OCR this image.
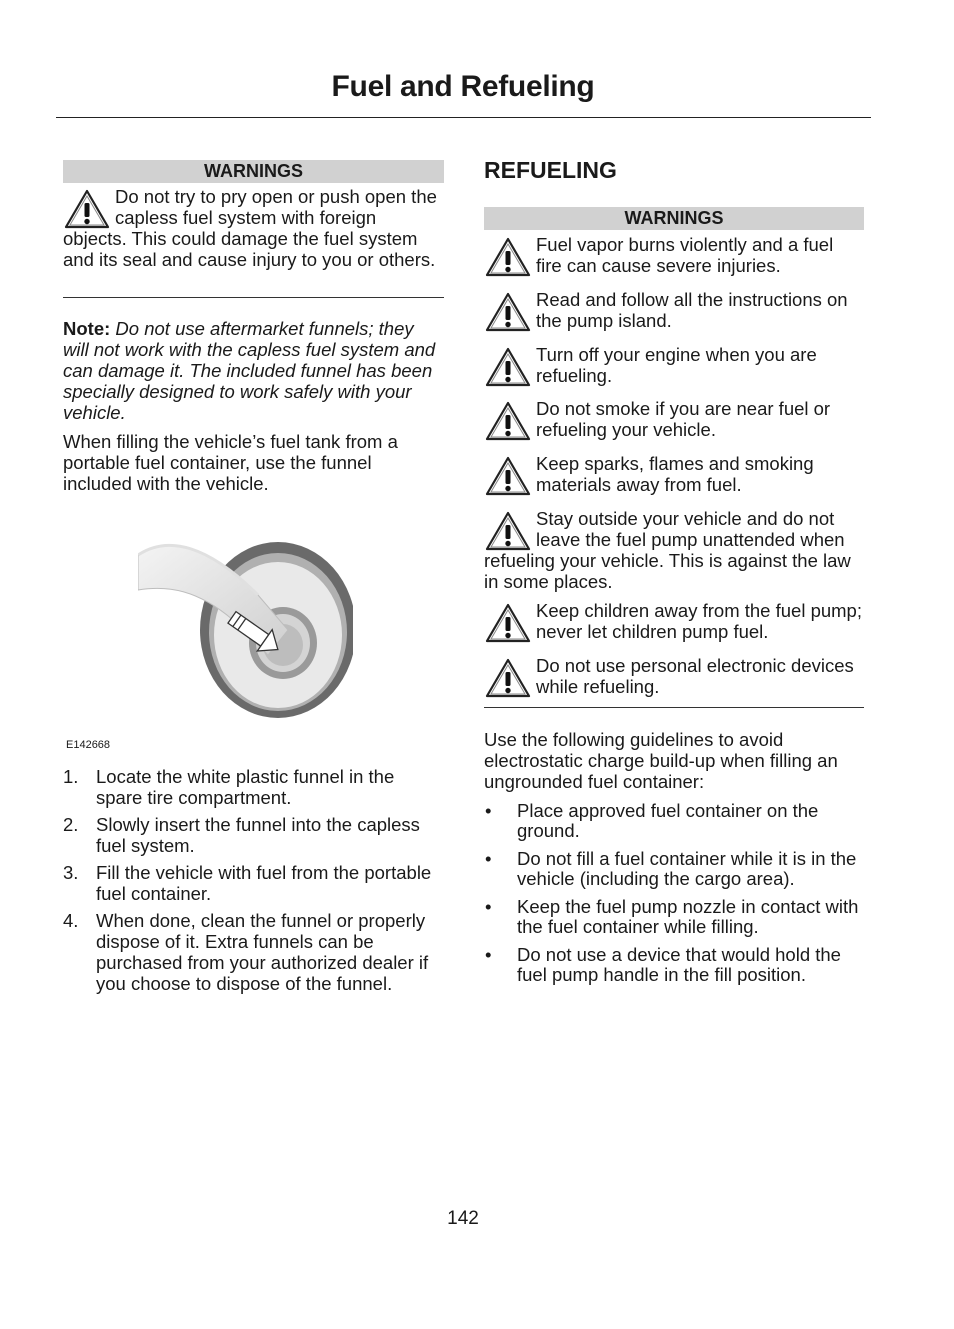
Fuel and Refueling
WARNINGS
Do not try to pry open or push open the capless fuel system with foreign objects. This could damage the fuel system and its seal and cause injury to you or others.
Note: Do not use aftermarket funnels; they will not work with the capless fuel system and can damage it. The included funnel has been specially designed to work safely with your vehicle.
When filling the vehicle’s fuel tank from a portable fuel container, use the funnel included with the vehicle.
E142668
1. Locate the white plastic funnel in the spare tire compartment.
2. Slowly insert the funnel into the capless fuel system.
3. Fill the vehicle with fuel from the portable fuel container.
4. When done, clean the funnel or properly dispose of it. Extra funnels can be purchased from your authorized dealer if you choose to dispose of the funnel.
REFUELING
WARNINGS
Fuel vapor burns violently and a fuel fire can cause severe injuries.
Read and follow all the instructions on the pump island.
Turn off your engine when you are refueling.
Do not smoke if you are near fuel or refueling your vehicle.
Keep sparks, flames and smoking materials away from fuel.
Stay outside your vehicle and do not leave the fuel pump unattended when refueling your vehicle. This is against the law in some places.
Keep children away from the fuel pump; never let children pump fuel.
Do not use personal electronic devices while refueling.
Use the following guidelines to avoid electrostatic charge build-up when filling an ungrounded fuel container:
• Place approved fuel container on the ground.
• Do not fill a fuel container while it is in the vehicle (including the cargo area).
• Keep the fuel pump nozzle in contact with the fuel container while filling.
• Do not use a device that would hold the fuel pump handle in the fill position.
142
